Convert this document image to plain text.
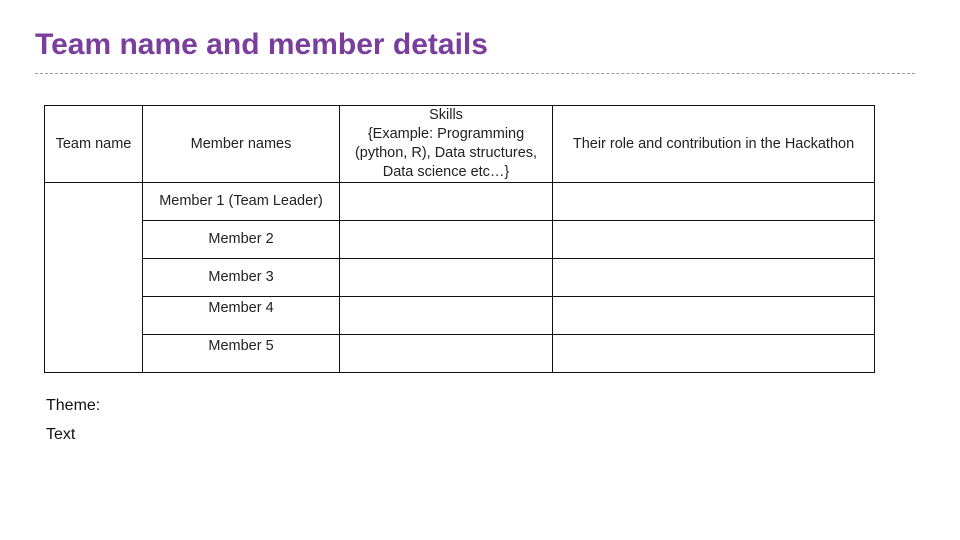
Team name and member details
Team name	Member names	Skills
{Example: Programming
(python, R), Data structures,
Data science etc…}	Their role and contribution in the Hackathon
	Member 1 (Team Leader)		
	Member 2		
	Member 3		
	Member 4		
	Member 5		
Theme:
Text
